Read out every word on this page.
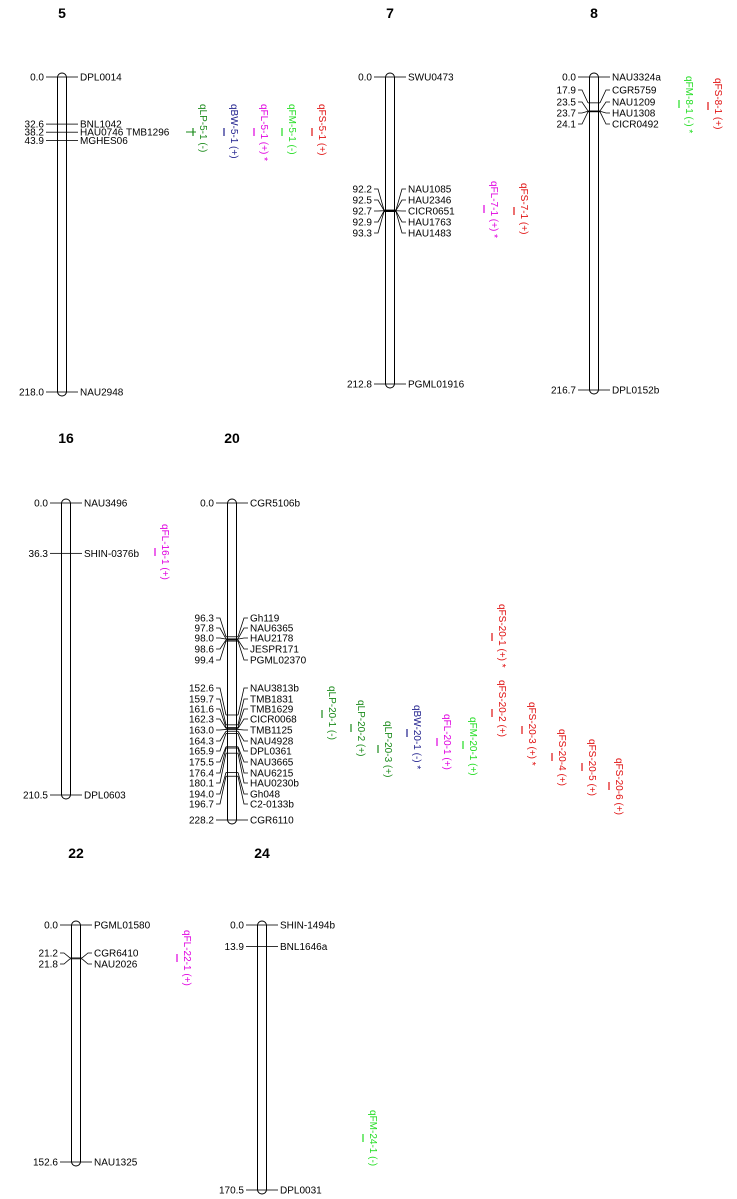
5
0.0	DPL0014
32.6	BNL1042
38.2	HAU0746 TMB1296
43.9	MGHES06
218.0	NAU2948
qLP-5-1 (-) qBW-5-1 (+) qFL-5-1 (+) * qFM-5-1 (-) qFS-5-1 (+)
7
0.0	SWU0473
92.2	NAU1085
92.5	HAU2346
92.7	CICR0651
92.9	HAU1763
93.3	HAU1483
212.8	PGML01916
qFL-7-1 (+) * qFS-7-1 (+)
8
0.0	NAU3324a
17.9	CGR5759
23.5	NAU1209
23.7	HAU1308
24.1	CICR0492
216.7	DPL0152b
qFM-8-1 (-) * qFS-8-1 (+)
16
0.0	NAU3496
36.3	SHIN-0376b
210.5	DPL0603
qFL-16-1 (+)
20
0.0	CGR5106b
96.3	Gh119
97.8	NAU6365
98.0	HAU2178
98.6	JESPR171
99.4	PGML02370
152.6	NAU3813b
159.7	TMB1831
161.6	TMB1629
162.3	CICR0068
163.0	TMB1125
164.3	NAU4928
165.9	DPL0361
175.5	NAU3665
176.4	NAU6215
180.1	HAU0230b
194.0	Gh048
196.7	C2-0133b
228.2	CGR6110
qLP-20-1 (-) qLP-20-2 (+) qLP-20-3 (+) qBW-20-1 (-) * qFL-20-1 (+) qFM-20-1 (+)
qFS-20-1 (+) *
qFS-20-2 (+) qFS-20-3 (+) * qFS-20-4 (+) qFS-20-5 (+) qFS-20-6 (+)
22
0.0	PGML01580
21.2	CGR6410
21.8	NAU2026
152.6	NAU1325
qFL-22-1 (+)
24
0.0	SHIN-1494b
13.9	BNL1646a
170.5	DPL0031
qFM-24-1 (-)
